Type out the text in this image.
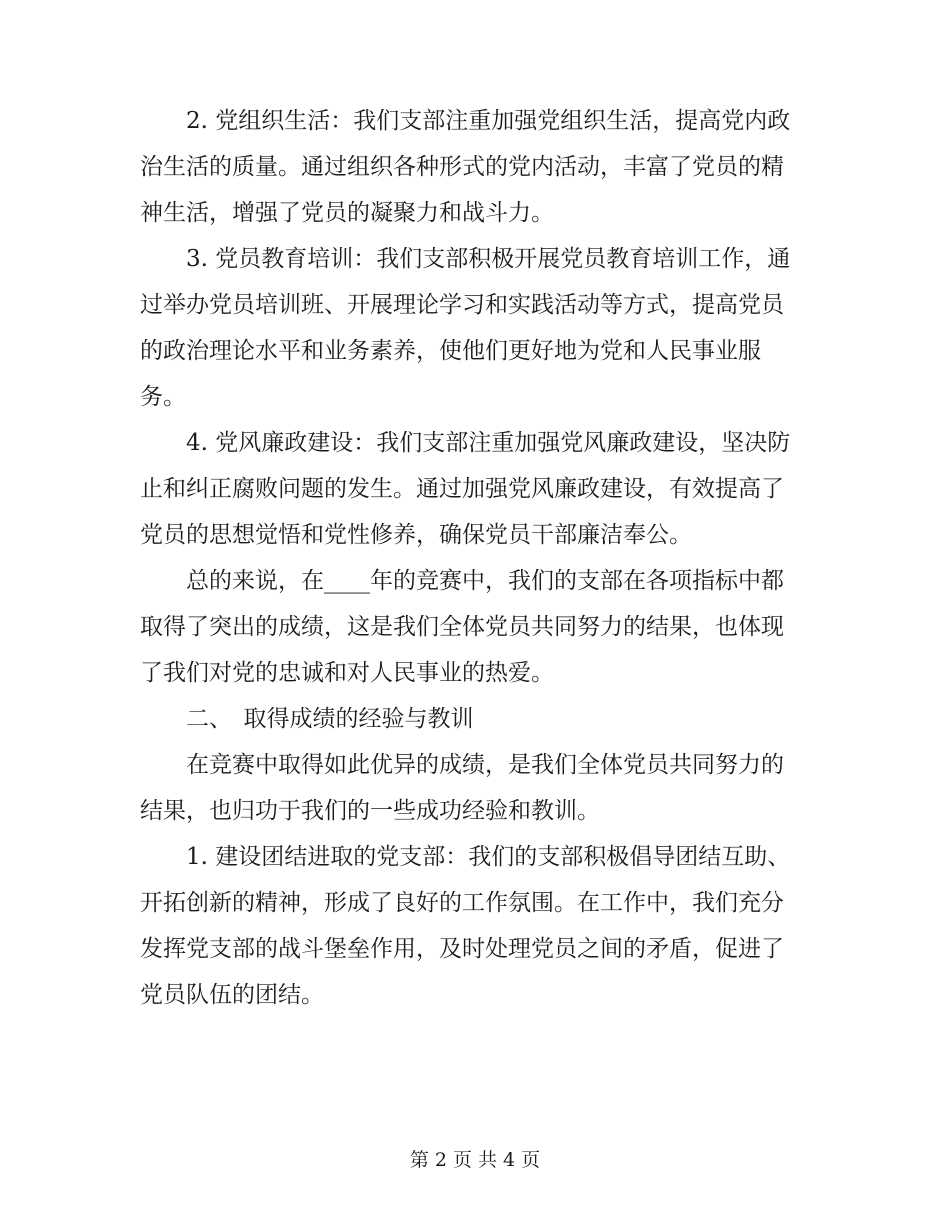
2. 党组织生活：我们支部注重加强党组织生活，提高党内政
治生活的质量。通过组织各种形式的党内活动，丰富了党员的精
神生活，增强了党员的凝聚力和战斗力。

3. 党员教育培训：我们支部积极开展党员教育培训工作，通
过举办党员培训班、开展理论学习和实践活动等方式，提高党员
的政治理论水平和业务素养，使他们更好地为党和人民事业服
务。

4. 党风廉政建设：我们支部注重加强党风廉政建设，坚决防
止和纠正腐败问题的发生。通过加强党风廉政建设，有效提高了
党员的思想觉悟和党性修养，确保党员干部廉洁奉公。

总的来说，在____年的竞赛中，我们的支部在各项指标中都
取得了突出的成绩，这是我们全体党员共同努力的结果，也体现
了我们对党的忠诚和对人民事业的热爱。

二、　取得成绩的经验与教训

在竞赛中取得如此优异的成绩，是我们全体党员共同努力的
结果，也归功于我们的一些成功经验和教训。

1. 建设团结进取的党支部：我们的支部积极倡导团结互助、
开拓创新的精神，形成了良好的工作氛围。在工作中，我们充分
发挥党支部的战斗堡垒作用，及时处理党员之间的矛盾，促进了
党员队伍的团结。

第 2 页 共 4 页
